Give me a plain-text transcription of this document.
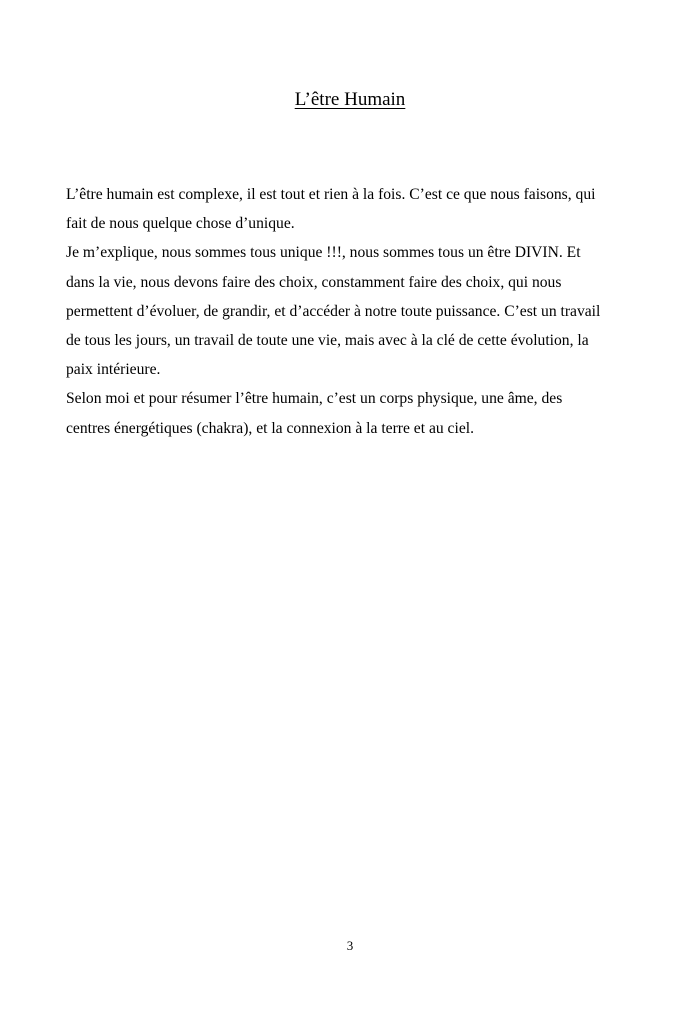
L’être Humain
L’être humain est complexe, il est tout et rien à la fois. C’est ce que nous faisons, qui
fait de nous quelque chose d’unique.
Je m’explique, nous sommes tous unique !!!, nous sommes tous un être DIVIN. Et
dans la vie, nous devons faire des choix, constamment faire des choix, qui nous
permettent d’évoluer, de grandir, et d’accéder à notre toute puissance. C’est un travail
de tous les jours, un travail de toute une vie, mais avec à la clé de cette évolution, la
paix intérieure.
Selon moi et pour résumer l’être humain, c’est un corps physique, une âme, des
centres énergétiques (chakra), et la connexion à la terre et au ciel.
3
